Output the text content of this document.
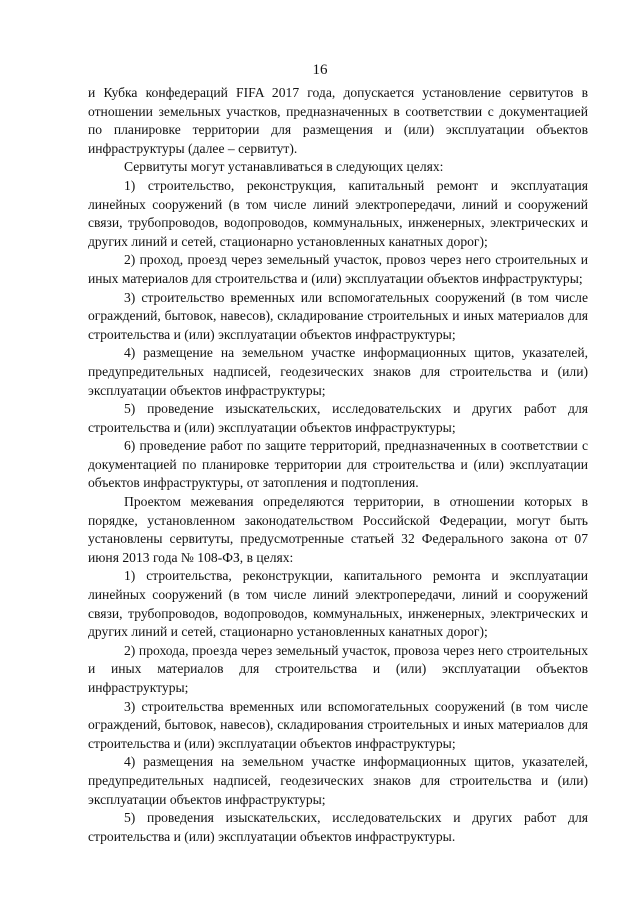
16

и Кубка конфедераций FIFA 2017 года, допускается установление сервитутов в отношении земельных участков, предназначенных в соответствии с документацией по планировке территории для размещения и (или) эксплуатации объектов инфраструктуры (далее – сервитут).

Сервитуты могут устанавливаться в следующих целях:

1) строительство, реконструкция, капитальный ремонт и эксплуатация линейных сооружений (в том числе линий электропередачи, линий и сооружений связи, трубопроводов, водопроводов, коммунальных, инженерных, электрических и других линий и сетей, стационарно установленных канатных дорог);

2) проход, проезд через земельный участок, провоз через него строительных и иных материалов для строительства и (или) эксплуатации объектов инфраструктуры;

3) строительство временных или вспомогательных сооружений (в том числе ограждений, бытовок, навесов), складирование строительных и иных материалов для строительства и (или) эксплуатации объектов инфраструктуры;

4) размещение на земельном участке информационных щитов, указателей, предупредительных надписей, геодезических знаков для строительства и (или) эксплуатации объектов инфраструктуры;

5) проведение изыскательских, исследовательских и других работ для строительства и (или) эксплуатации объектов инфраструктуры;

6) проведение работ по защите территорий, предназначенных в соответствии с документацией по планировке территории для строительства и (или) эксплуатации объектов инфраструктуры, от затопления и подтопления.

Проектом межевания определяются территории, в отношении которых в порядке, установленном законодательством Российской Федерации, могут быть установлены сервитуты, предусмотренные статьей 32 Федерального закона от 07 июня 2013 года № 108-ФЗ, в целях:

1) строительства, реконструкции, капитального ремонта и эксплуатации линейных сооружений (в том числе линий электропередачи, линий и сооружений связи, трубопроводов, водопроводов, коммунальных, инженерных, электрических и других линий и сетей, стационарно установленных канатных дорог);

2) прохода, проезда через земельный участок, провоза через него строительных и иных материалов для строительства и (или) эксплуатации объектов инфраструктуры;

3) строительства временных или вспомогательных сооружений (в том числе ограждений, бытовок, навесов), складирования строительных и иных материалов для строительства и (или) эксплуатации объектов инфраструктуры;

4) размещения на земельном участке информационных щитов, указателей, предупредительных надписей, геодезических знаков для строительства и (или) эксплуатации объектов инфраструктуры;

5) проведения изыскательских, исследовательских и других работ для строительства и (или) эксплуатации объектов инфраструктуры.
